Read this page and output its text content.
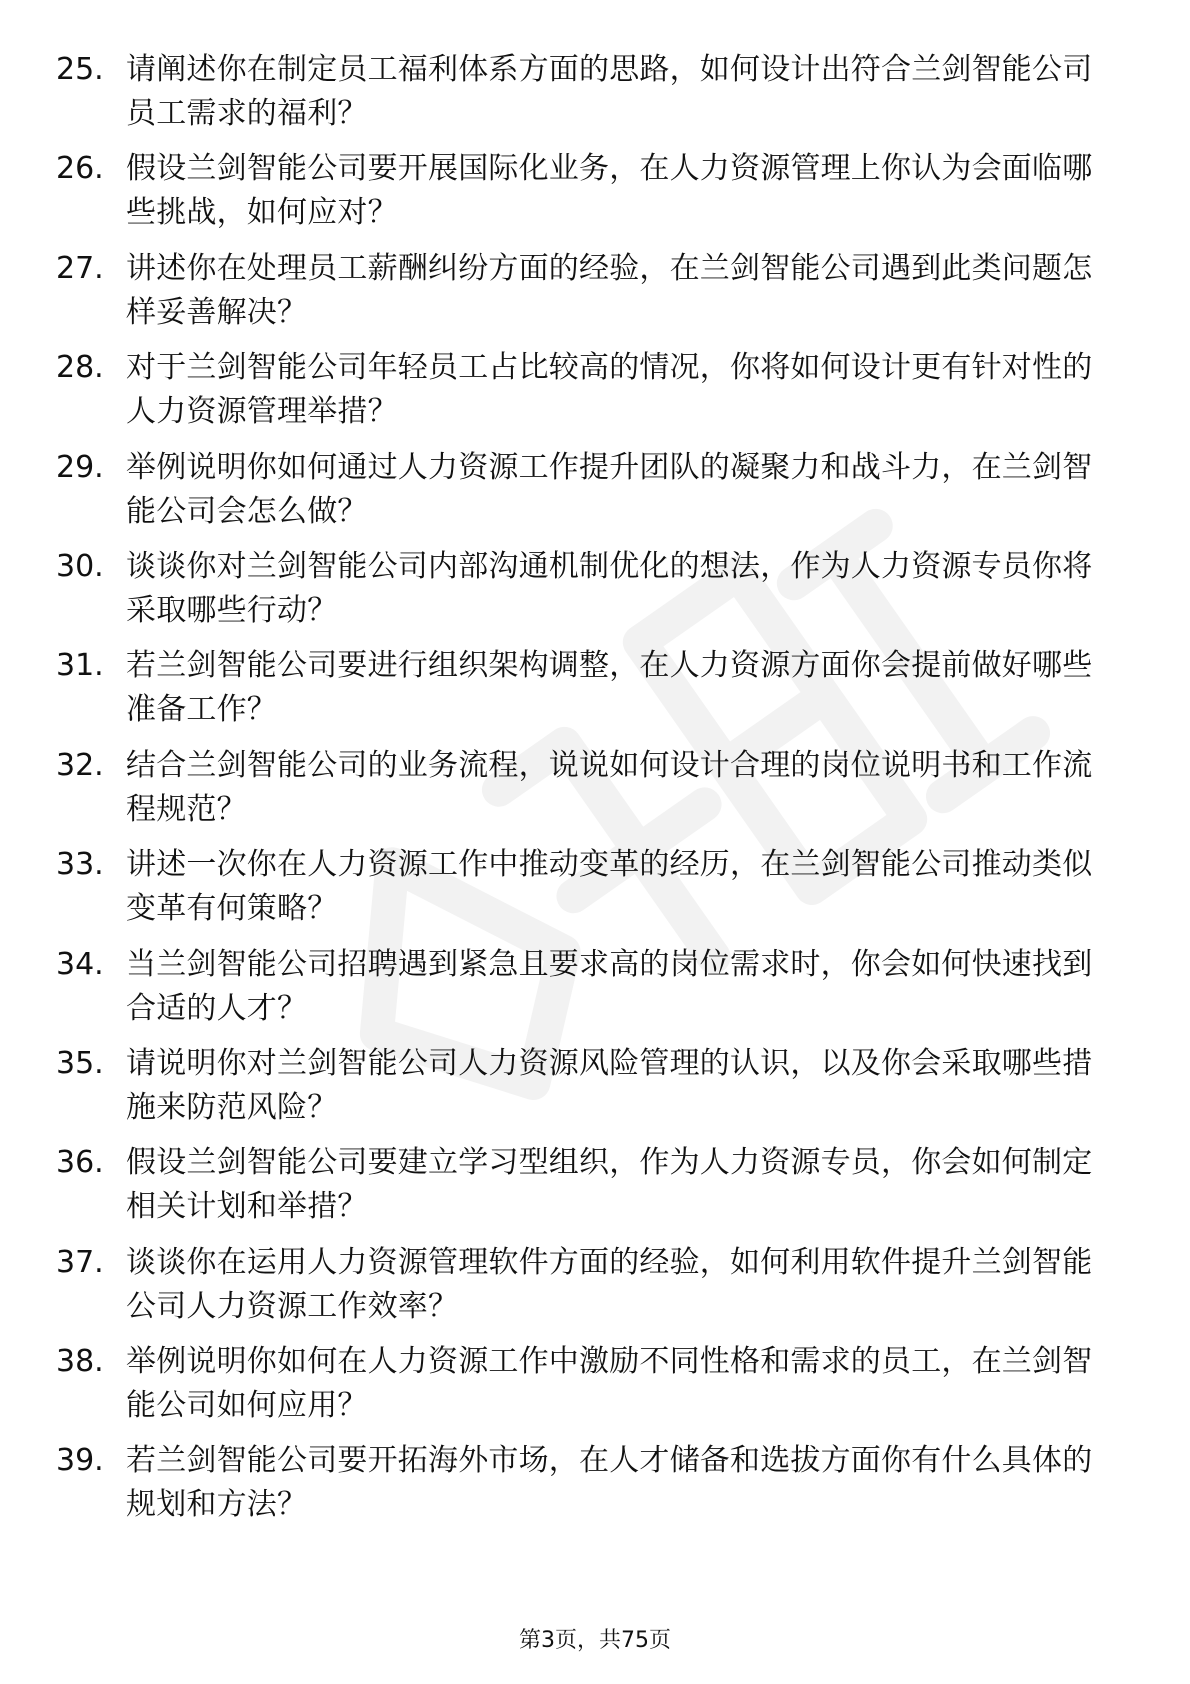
25. 请阐述你在制定员工福利体系方面的思路，如何设计出符合兰剑智能公司员工需求的福利？
26. 假设兰剑智能公司要开展国际化业务，在人力资源管理上你认为会面临哪些挑战，如何应对？
27. 讲述你在处理员工薪酬纠纷方面的经验，在兰剑智能公司遇到此类问题怎样妥善解决？
28. 对于兰剑智能公司年轻员工占比较高的情况，你将如何设计更有针对性的人力资源管理举措？
29. 举例说明你如何通过人力资源工作提升团队的凝聚力和战斗力，在兰剑智能公司会怎么做？
30. 谈谈你对兰剑智能公司内部沟通机制优化的想法，作为人力资源专员你将采取哪些行动？
31. 若兰剑智能公司要进行组织架构调整，在人力资源方面你会提前做好哪些准备工作？
32. 结合兰剑智能公司的业务流程，说说如何设计合理的岗位说明书和工作流程规范？
33. 讲述一次你在人力资源工作中推动变革的经历，在兰剑智能公司推动类似变革有何策略？
34. 当兰剑智能公司招聘遇到紧急且要求高的岗位需求时，你会如何快速找到合适的人才？
35. 请说明你对兰剑智能公司人力资源风险管理的认识，以及你会采取哪些措施来防范风险？
36. 假设兰剑智能公司要建立学习型组织，作为人力资源专员，你会如何制定相关计划和举措？
37. 谈谈你在运用人力资源管理软件方面的经验，如何利用软件提升兰剑智能公司人力资源工作效率？
38. 举例说明你如何在人力资源工作中激励不同性格和需求的员工，在兰剑智能公司如何应用？
39. 若兰剑智能公司要开拓海外市场，在人才储备和选拔方面你有什么具体的规划和方法？
第3页，共75页
